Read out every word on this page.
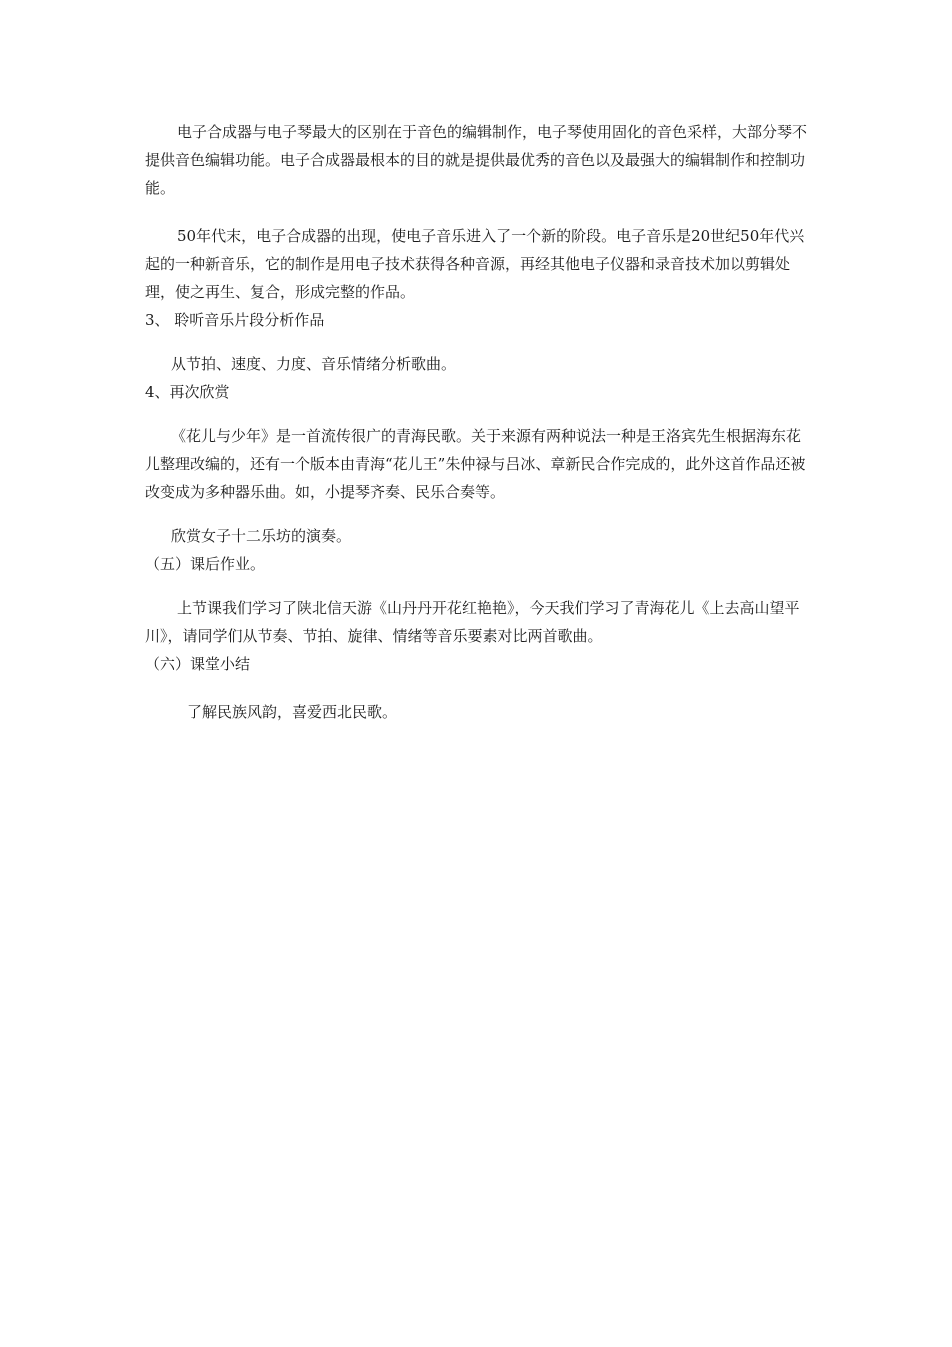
电子合成器与电子琴最大的区别在于音色的编辑制作，电子琴使用固化的音色采样，大部分琴不提供音色编辑功能。电子合成器最根本的目的就是提供最优秀的音色以及最强大的编辑制作和控制功能。

50年代末，电子合成器的出现，使电子音乐进入了一个新的阶段。电子音乐是20世纪50年代兴起的一种新音乐，它的制作是用电子技术获得各种音源，再经其他电子仪器和录音技术加以剪辑处理，使之再生、复合，形成完整的作品。

3、 聆听音乐片段分析作品

从节拍、速度、力度、音乐情绪分析歌曲。

4、再次欣赏

《花儿与少年》是一首流传很广的青海民歌。关于来源有两种说法一种是王洛宾先生根据海东花儿整理改编的，还有一个版本由青海“花儿王”朱仲禄与吕冰、章新民合作完成的，此外这首作品还被改变成为多种器乐曲。如，小提琴齐奏、民乐合奏等。

欣赏女子十二乐坊的演奏。

（五）课后作业。

上节课我们学习了陕北信天游《山丹丹开花红艳艳》，今天我们学习了青海花儿《上去高山望平川》，请同学们从节奏、节拍、旋律、情绪等音乐要素对比两首歌曲。

（六）课堂小结

了解民族风韵，喜爱西北民歌。
